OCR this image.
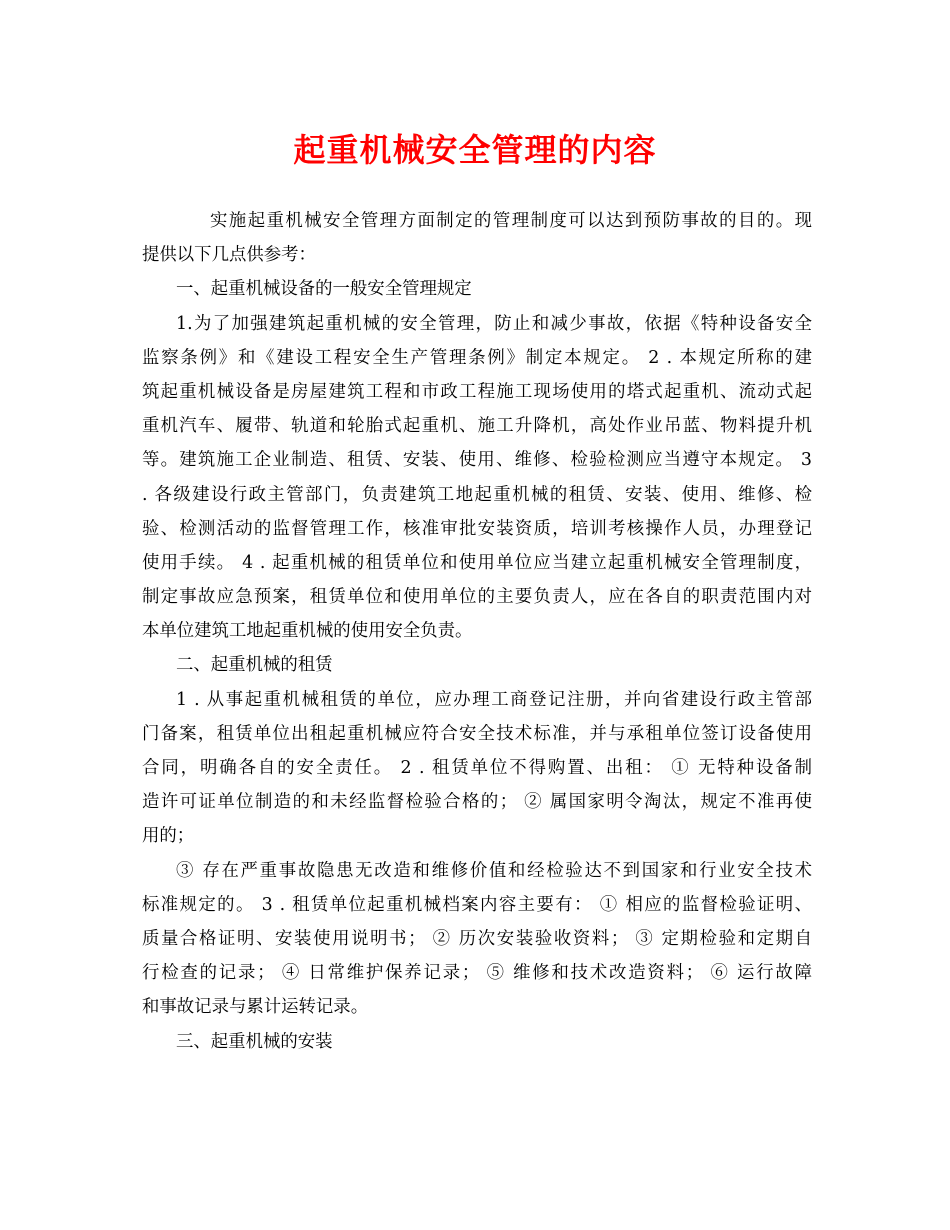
起重机械安全管理的内容
实施起重机械安全管理方面制定的管理制度可以达到预防事故的目的。现
提供以下几点供参考：
一、起重机械设备的一般安全管理规定
1.为了加强建筑起重机械的安全管理，防止和减少事故，依据《特种设备安全
监察条例》和《建设工程安全生产管理条例》制定本规定。 2 . 本规定所称的建
筑起重机械设备是房屋建筑工程和市政工程施工现场使用的塔式起重机、流动式起
重机汽车、履带、轨道和轮胎式起重机、施工升降机，高处作业吊蓝、物料提升机
等。建筑施工企业制造、租赁、安装、使用、维修、检验检测应当遵守本规定。 3
. 各级建设行政主管部门，负责建筑工地起重机械的租赁、安装、使用、维修、检
验、检测活动的监督管理工作，核准审批安装资质，培训考核操作人员，办理登记
使用手续。 4 . 起重机械的租赁单位和使用单位应当建立起重机械安全管理制度，
制定事故应急预案，租赁单位和使用单位的主要负责人，应在各自的职责范围内对
本单位建筑工地起重机械的使用安全负责。
二、起重机械的租赁
1 . 从事起重机械租赁的单位，应办理工商登记注册，并向省建设行政主管部
门备案，租赁单位出租起重机械应符合安全技术标准，并与承租单位签订设备使用
合同，明确各自的安全责任。 2 . 租赁单位不得购置、出租： ① 无特种设备制
造许可证单位制造的和未经监督检验合格的； ② 属国家明令淘汰，规定不准再使
用的；
③ 存在严重事故隐患无改造和维修价值和经检验达不到国家和行业安全技术
标准规定的。 3 . 租赁单位起重机械档案内容主要有： ① 相应的监督检验证明、
质量合格证明、安装使用说明书； ② 历次安装验收资料； ③ 定期检验和定期自
行检查的记录； ④ 日常维护保养记录； ⑤ 维修和技术改造资料； ⑥ 运行故障
和事故记录与累计运转记录。
三、起重机械的安装
